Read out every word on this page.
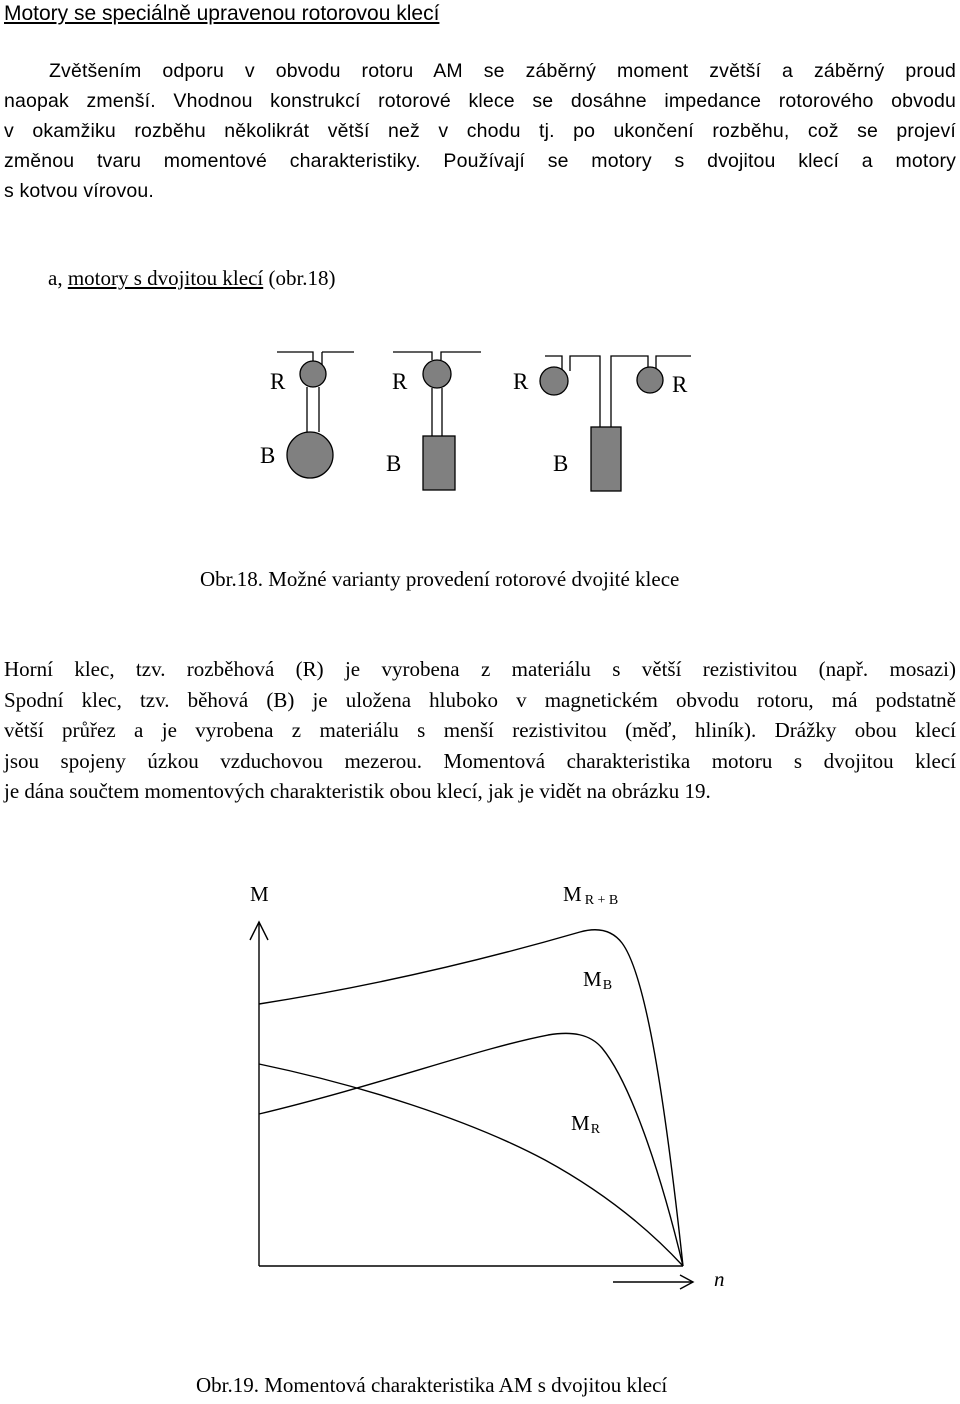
Motory se speciálně upravenou rotorovou klecí
Zvětšením odporu v obvodu rotoru AM se záběrný moment zvětší a záběrný proud
naopak zmenší. Vhodnou konstrukcí rotorové klece se dosáhne impedance rotorového obvodu
v okamžiku rozběhu několikrát větší než v chodu tj. po ukončení rozběhu, což se projeví
změnou tvaru momentové charakteristiky. Používají se motory s dvojitou klecí a motory
s kotvou vírovou.
a, motory s dvojitou klecí (obr.18)
R	R	R	R
B	B	B
Obr.18. Možné varianty provedení rotorové dvojité klece
Horní klec, tzv. rozběhová (R) je vyrobena z materiálu s větší rezistivitou (např. mosazi)
Spodní klec, tzv. běhová (B) je uložena hluboko v magnetickém obvodu rotoru, má podstatně
větší průřez a je vyrobena z materiálu s menší rezistivitou (měď, hliník). Drážky obou klecí
jsou spojeny úzkou vzduchovou mezerou. Momentová charakteristika motoru s dvojitou klecí
je dána součtem momentových charakteristik obou klecí, jak je vidět na obrázku 19.
M
n
M R + B
MB
MR
Obr.19. Momentová charakteristika AM s dvojitou klecí
